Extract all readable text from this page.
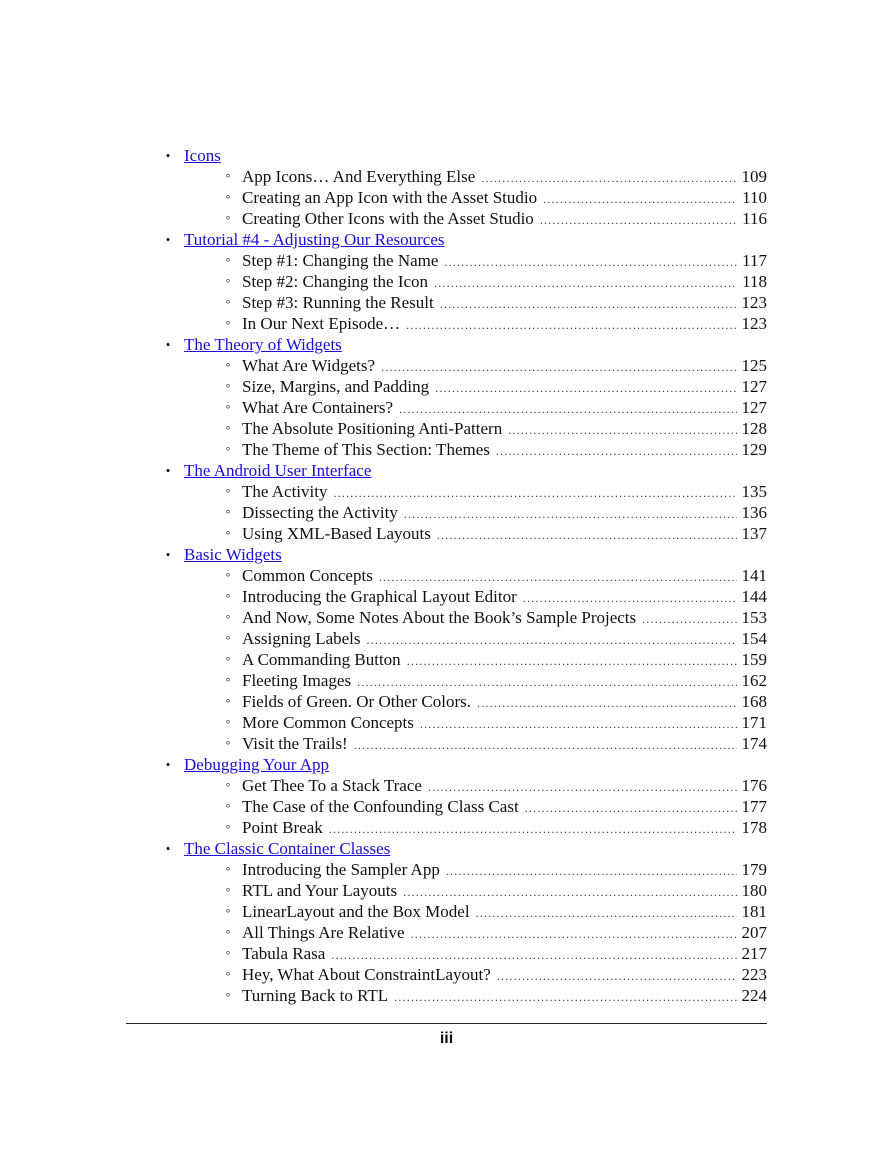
• Icons
◦ App Icons… And Everything Else .....	109
◦ Creating an App Icon with the Asset Studio .....	110
◦ Creating Other Icons with the Asset Studio .....	116
• Tutorial #4 - Adjusting Our Resources
◦ Step #1: Changing the Name .....	117
◦ Step #2: Changing the Icon .....	118
◦ Step #3: Running the Result .....	123
◦ In Our Next Episode… .....	123
• The Theory of Widgets
◦ What Are Widgets? .....	125
◦ Size, Margins, and Padding .....	127
◦ What Are Containers? .....	127
◦ The Absolute Positioning Anti-Pattern .....	128
◦ The Theme of This Section: Themes .....	129
• The Android User Interface
◦ The Activity .....	135
◦ Dissecting the Activity .....	136
◦ Using XML-Based Layouts .....	137
• Basic Widgets
◦ Common Concepts .....	141
◦ Introducing the Graphical Layout Editor .....	144
◦ And Now, Some Notes About the Book’s Sample Projects .....	153
◦ Assigning Labels .....	154
◦ A Commanding Button .....	159
◦ Fleeting Images .....	162
◦ Fields of Green. Or Other Colors. .....	168
◦ More Common Concepts .....	171
◦ Visit the Trails! .....	174
• Debugging Your App
◦ Get Thee To a Stack Trace .....	176
◦ The Case of the Confounding Class Cast .....	177
◦ Point Break .....	178
• The Classic Container Classes
◦ Introducing the Sampler App .....	179
◦ RTL and Your Layouts .....	180
◦ LinearLayout and the Box Model .....	181
◦ All Things Are Relative .....	207
◦ Tabula Rasa .....	217
◦ Hey, What About ConstraintLayout? .....	223
◦ Turning Back to RTL .....	224
iii
